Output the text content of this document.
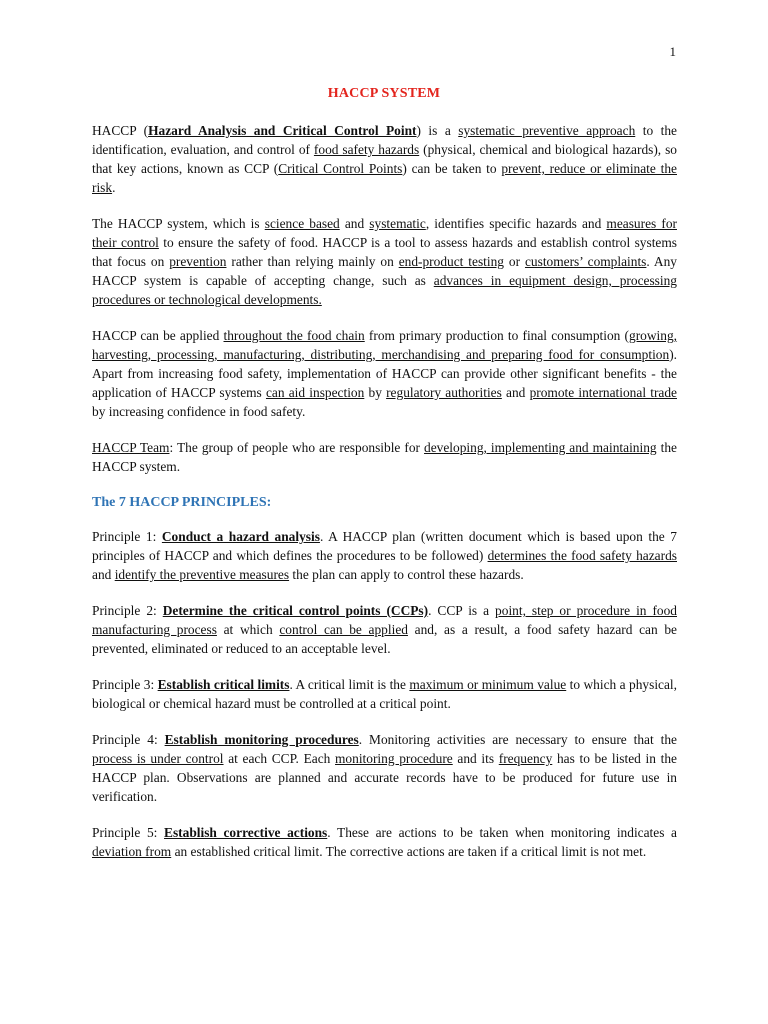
1
HACCP SYSTEM

HACCP (Hazard Analysis and Critical Control Point) is a systematic preventive approach to the identification, evaluation, and control of food safety hazards (physical, chemical and biological hazards), so that key actions, known as CCP (Critical Control Points) can be taken to prevent, reduce or eliminate the risk.

The HACCP system, which is science based and systematic, identifies specific hazards and measures for their control to ensure the safety of food. HACCP is a tool to assess hazards and establish control systems that focus on prevention rather than relying mainly on end-product testing or customers’ complaints. Any HACCP system is capable of accepting change, such as advances in equipment design, processing procedures or technological developments.

HACCP can be applied throughout the food chain from primary production to final consumption (growing, harvesting, processing, manufacturing, distributing, merchandising and preparing food for consumption). Apart from increasing food safety, implementation of HACCP can provide other significant benefits - the application of HACCP systems can aid inspection by regulatory authorities and promote international trade by increasing confidence in food safety.

HACCP Team: The group of people who are responsible for developing, implementing and maintaining the HACCP system.

The 7 HACCP PRINCIPLES:

Principle 1: Conduct a hazard analysis. A HACCP plan (written document which is based upon the 7 principles of HACCP and which defines the procedures to be followed) determines the food safety hazards and identify the preventive measures the plan can apply to control these hazards.

Principle 2: Determine the critical control points (CCPs). CCP is a point, step or procedure in food manufacturing process at which control can be applied and, as a result, a food safety hazard can be prevented, eliminated or reduced to an acceptable level.

Principle 3: Establish critical limits. A critical limit is the maximum or minimum value to which a physical, biological or chemical hazard must be controlled at a critical point.

Principle 4: Establish monitoring procedures. Monitoring activities are necessary to ensure that the process is under control at each CCP. Each monitoring procedure and its frequency has to be listed in the HACCP plan. Observations are planned and accurate records have to be produced for future use in verification.

Principle 5: Establish corrective actions. These are actions to be taken when monitoring indicates a deviation from an established critical limit. The corrective actions are taken if a critical limit is not met.
